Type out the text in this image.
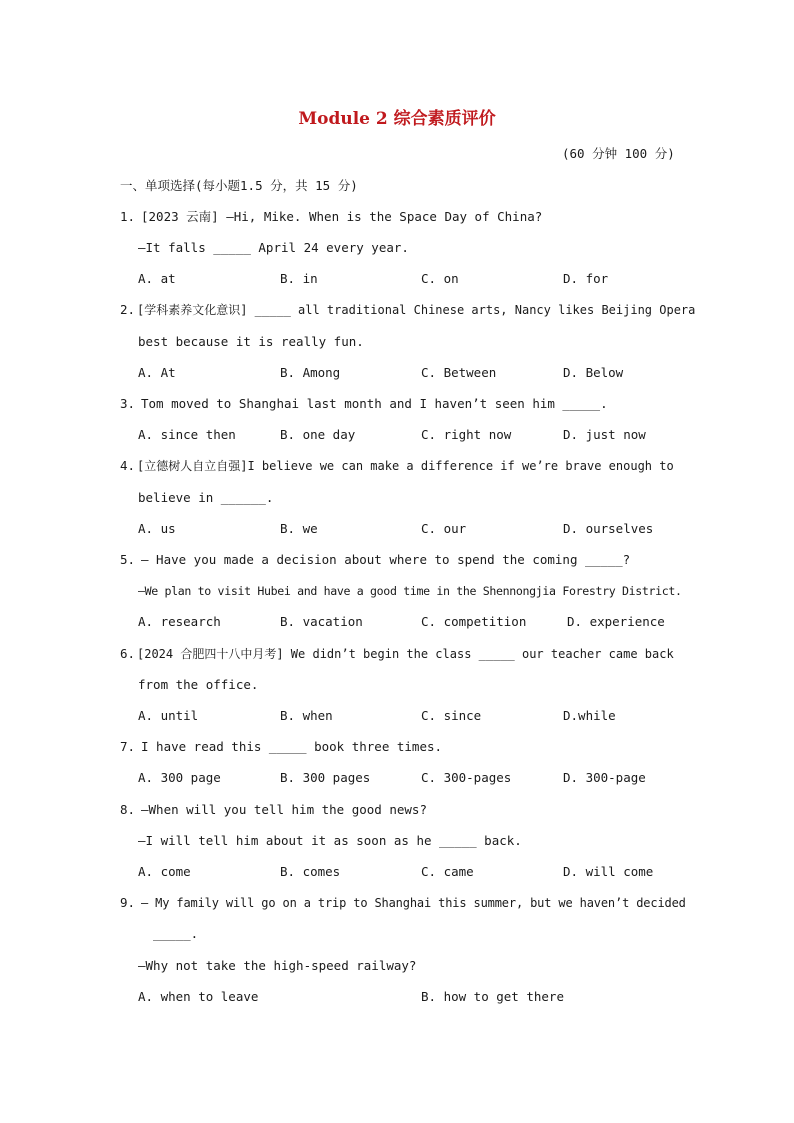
Module 2 综合素质评价
(60 分钟 100 分)
一、单项选择(每小题1.5 分，共 15 分)
1. [2023 云南] —Hi, Mike. When is the Space Day of China?
—It falls _____ April 24 every year.
A. at	B. in	C. on	D. for
2. [学科素养文化意识] _____ all traditional Chinese arts, Nancy likes Beijing Opera
best because it is really fun.
A. At	B. Among	C. Between	D. Below
3. Tom moved to Shanghai last month and I haven’t seen him _____.
A. since then	B. one day	C. right now	D. just now
4. [立德树人自立自强]I believe we can make a difference if we’re brave enough to
believe in ______.
A. us	B. we	C. our	D. ourselves
5. — Have you made a decision about where to spend the coming _____?
—We plan to visit Hubei and have a good time in the Shennongjia Forestry District.
A. research	B. vacation	C. competition	D. experience
6. [2024 合肥四十八中月考] We didn’t begin the class _____ our teacher came back
from the office.
A. until	B. when	C. since	D.while
7. I have read this _____ book three times.
A. 300 page	B. 300 pages	C. 300-pages	D. 300-page
8. —When will you tell him the good news?
—I will tell him about it as soon as he _____ back.
A. come	B. comes	C. came	D. will come
9. — My family will go on a trip to Shanghai this summer, but we haven’t decided
_____.
—Why not take the high-speed railway?
A. when to leave	B. how to get there
